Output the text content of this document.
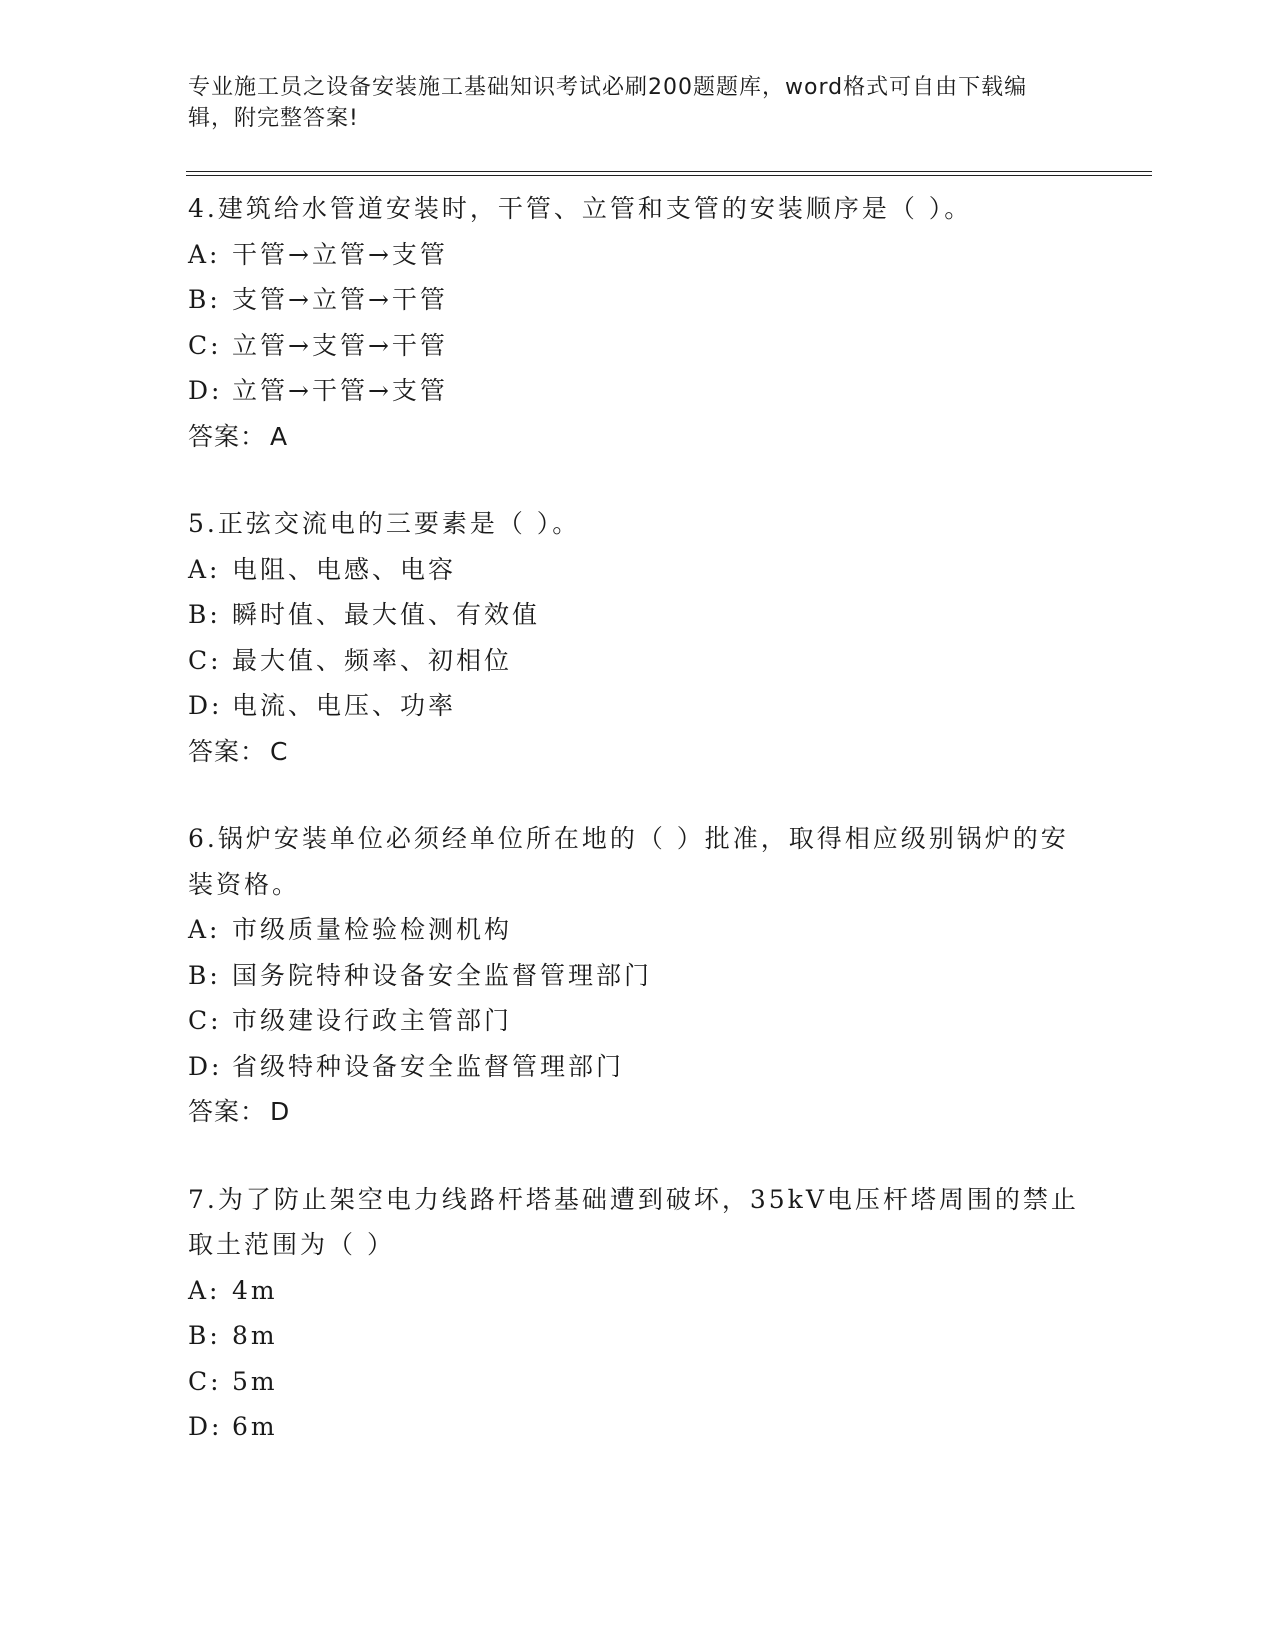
专业施工员之设备安装施工基础知识考试必刷200题题库，word格式可自由下载编辑，附完整答案!

4.建筑给水管道安装时，干管、立管和支管的安装顺序是（ ）。

A: 干管→立管→支管

B: 支管→立管→干管

C: 立管→支管→干管

D: 立管→干管→支管

答案： A

5.正弦交流电的三要素是（ ）。

A: 电阻、电感、电容

B: 瞬时值、最大值、有效值

C: 最大值、频率、初相位

D: 电流、电压、功率

答案： C

6.锅炉安装单位必须经单位所在地的（ ）批准，取得相应级别锅炉的安装资格。

A: 市级质量检验检测机构

B: 国务院特种设备安全监督管理部门

C: 市级建设行政主管部门

D: 省级特种设备安全监督管理部门

答案： D

7.为了防止架空电力线路杆塔基础遭到破坏，35kV电压杆塔周围的禁止取土范围为（ ）

A: 4m

B: 8m

C: 5m

D: 6m
